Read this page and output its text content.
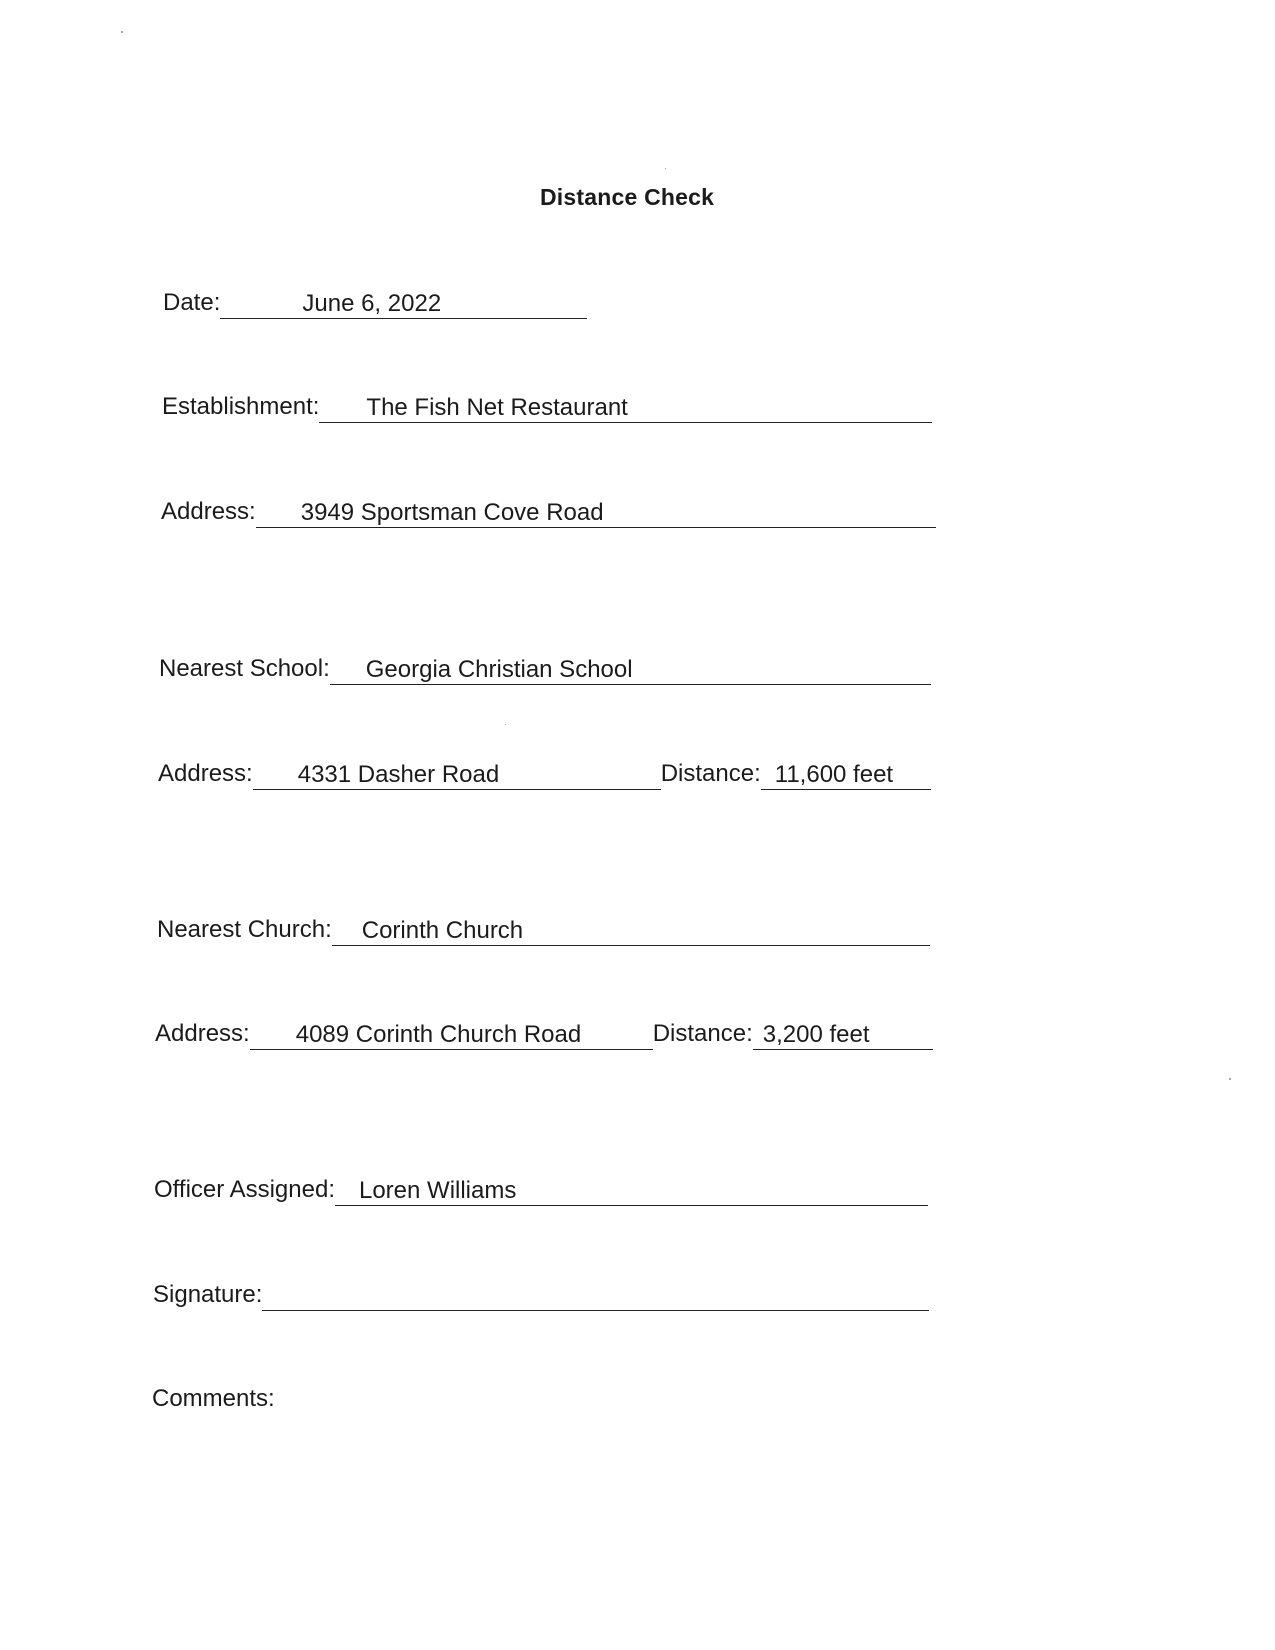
Distance Check
Date:	June 6, 2022
Establishment: The Fish Net Restaurant
Address: 3949 Sportsman Cove Road
Nearest School: Georgia Christian School
Address: 4331 Dasher Road	Distance: 11,600 feet
Nearest Church: Corinth Church
Address: 4089 Corinth Church Road	Distance: 3,200 feet
Officer Assigned: Loren Williams
Signature:
Comments:
